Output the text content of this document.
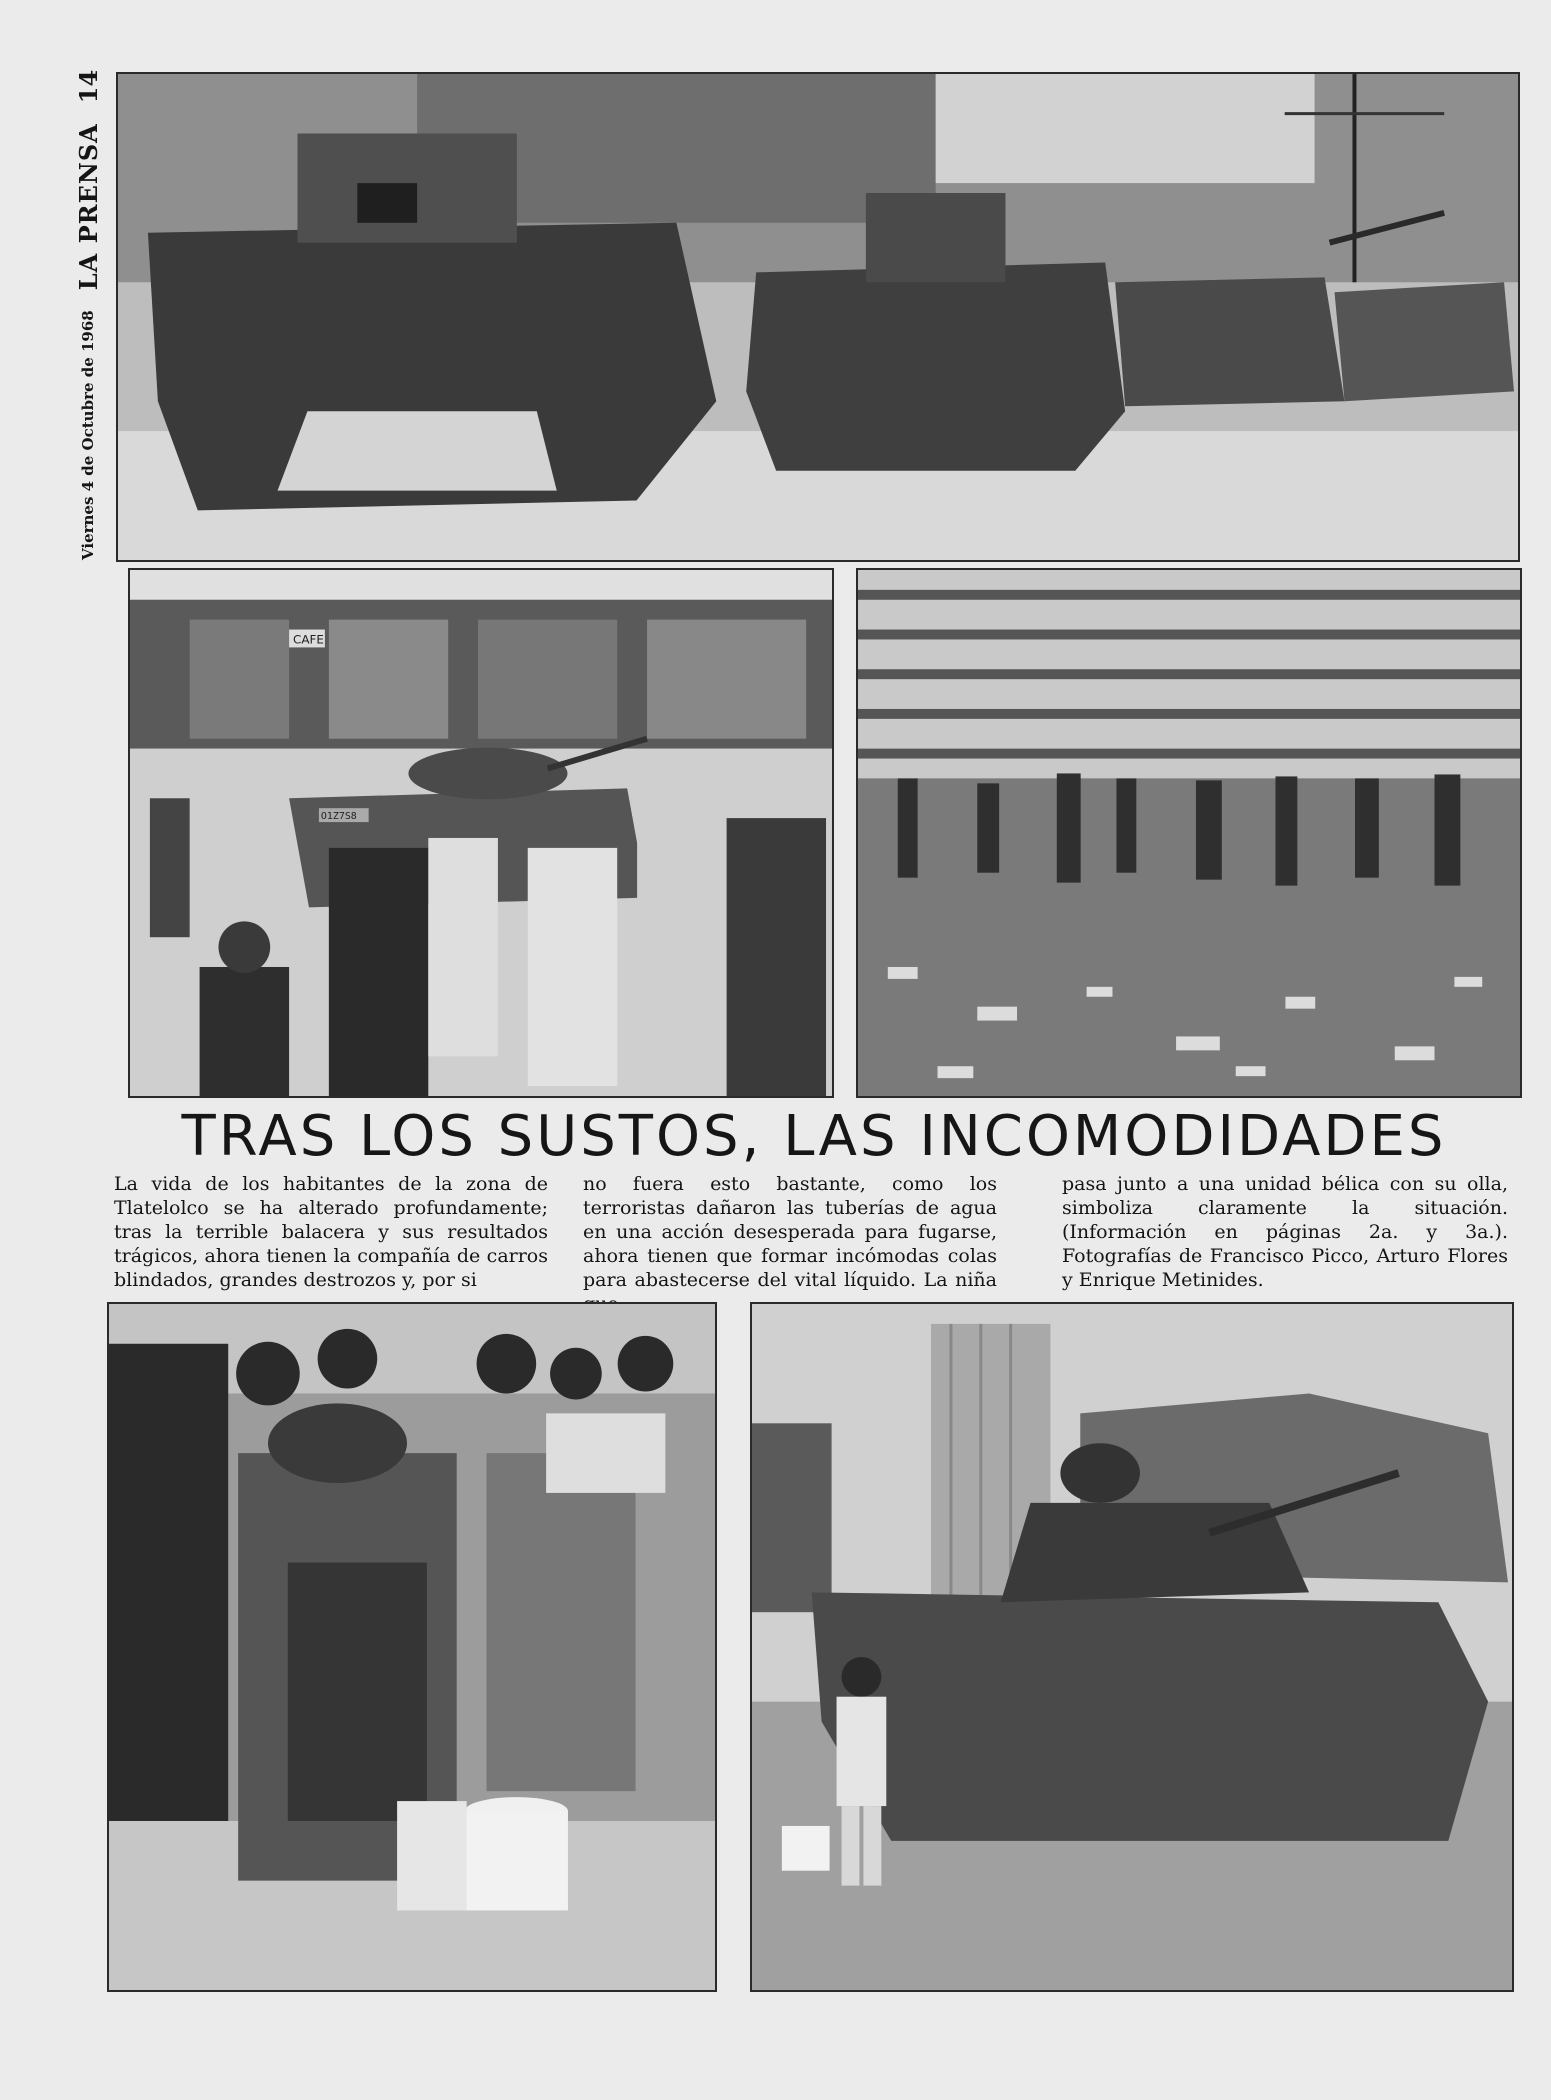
Viernes 4 de Octubre de 1968
LA PRENSA
14
CAFE
O1Z7S8
TRAS LOS SUSTOS, LAS INCOMODIDADES
La vida de los habitantes de la zona de Tlatelolco se ha alterado profundamente; tras la terrible balacera y sus resultados trágicos, ahora tienen la compañía de carros blindados, grandes destrozos y, por si
no fuera esto bastante, como los terroristas dañaron las tuberías de agua en una acción desesperada para fugarse, ahora tienen que formar incómodas colas para abastecerse del vital líquido. La niña
pasa junto a una unidad bélica con su olla, simboliza claramente la situación. (Información en páginas 2a. y 3a.). Fotografías de Francisco Picco, Arturo Flores y Enrique Metinides.
